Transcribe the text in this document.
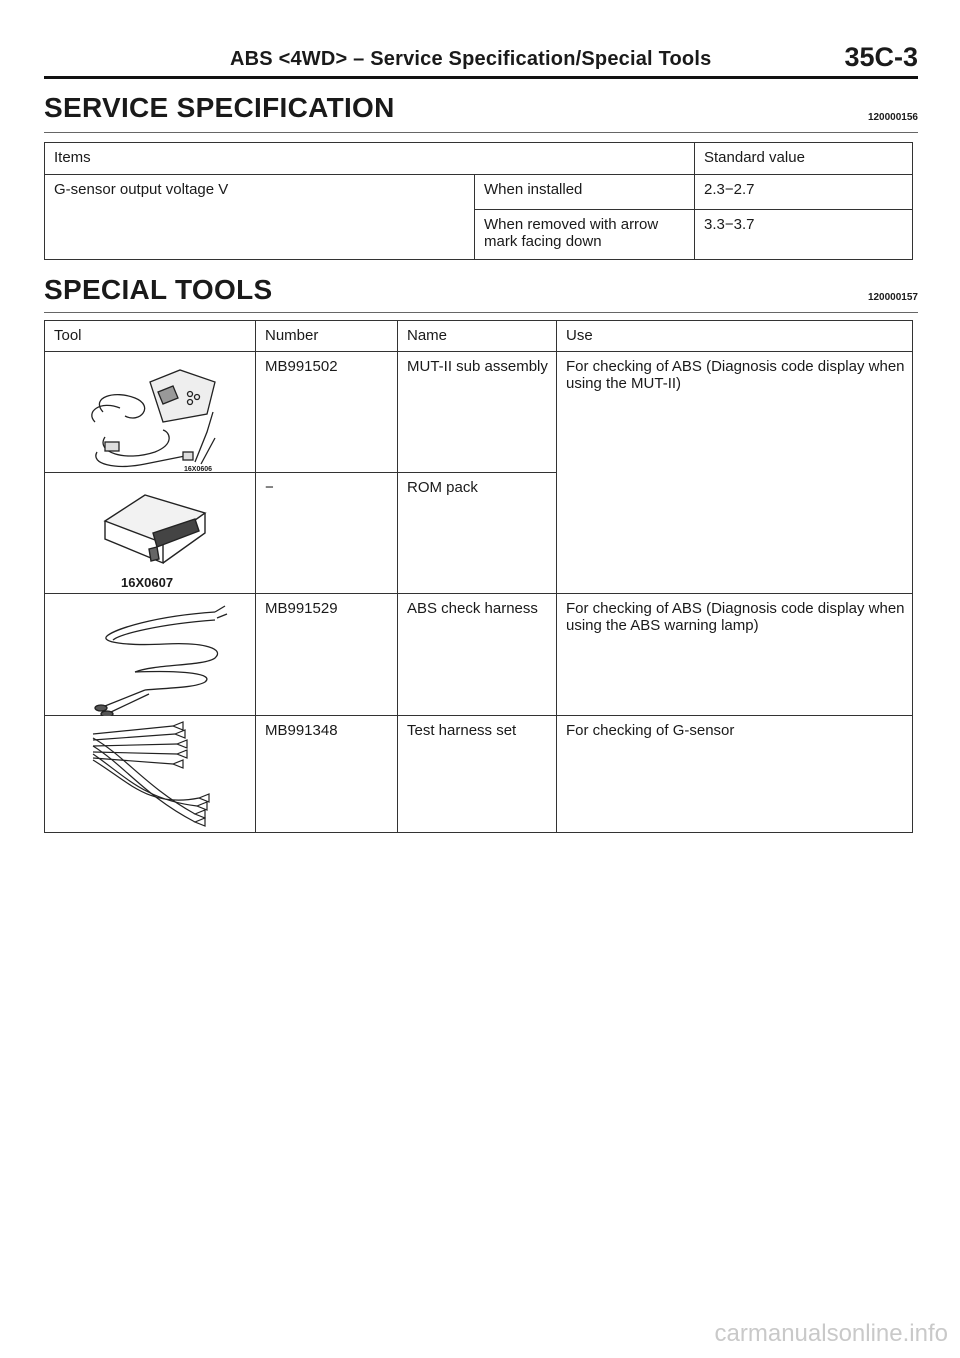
ABS <4WD> – Service Specification/Special Tools	35C-3
SERVICE SPECIFICATION	120000156
Items		Standard value
G-sensor output voltage V	When installed	2.3−2.7
	When removed with arrow mark facing down	3.3−3.7
SPECIAL TOOLS	120000157
Tool	Number	Name	Use

16X0606	MB991502	MUT-II sub assembly	For checking of ABS (Diagnosis code display when using the MUT-II)

16X0607	−	ROM pack	

	MB991529	ABS check harness	For checking of ABS (Diagnosis code display when using the ABS warning lamp)

	MB991348	Test harness set	For checking of G-sensor
carmanualsonline.info
